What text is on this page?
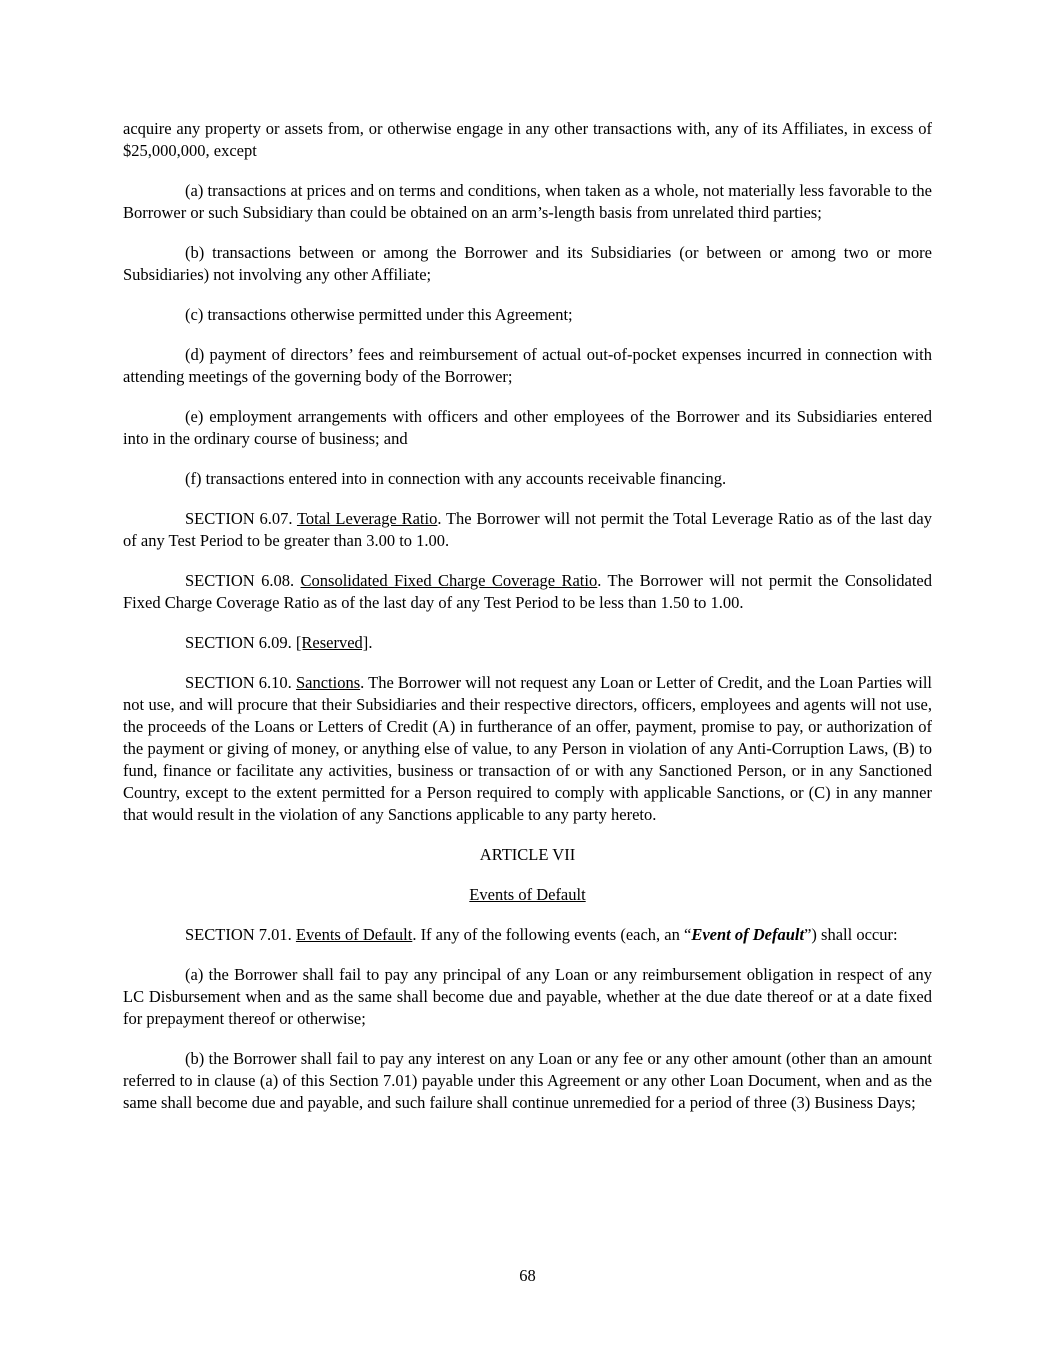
acquire any property or assets from, or otherwise engage in any other transactions with, any of its Affiliates, in excess of $25,000,000, except

(a) transactions at prices and on terms and conditions, when taken as a whole, not materially less favorable to the Borrower or such Subsidiary than could be obtained on an arm’s-length basis from unrelated third parties;

(b) transactions between or among the Borrower and its Subsidiaries (or between or among two or more Subsidiaries) not involving any other Affiliate;

(c) transactions otherwise permitted under this Agreement;

(d) payment of directors’ fees and reimbursement of actual out-of-pocket expenses incurred in connection with attending meetings of the governing body of the Borrower;

(e) employment arrangements with officers and other employees of the Borrower and its Subsidiaries entered into in the ordinary course of business; and

(f) transactions entered into in connection with any accounts receivable financing.

SECTION 6.07. Total Leverage Ratio. The Borrower will not permit the Total Leverage Ratio as of the last day of any Test Period to be greater than 3.00 to 1.00.

SECTION 6.08. Consolidated Fixed Charge Coverage Ratio. The Borrower will not permit the Consolidated Fixed Charge Coverage Ratio as of the last day of any Test Period to be less than 1.50 to 1.00.

SECTION 6.09. [Reserved].

SECTION 6.10. Sanctions. The Borrower will not request any Loan or Letter of Credit, and the Loan Parties will not use, and will procure that their Subsidiaries and their respective directors, officers, employees and agents will not use, the proceeds of the Loans or Letters of Credit (A) in furtherance of an offer, payment, promise to pay, or authorization of the payment or giving of money, or anything else of value, to any Person in violation of any Anti-Corruption Laws, (B) to fund, finance or facilitate any activities, business or transaction of or with any Sanctioned Person, or in any Sanctioned Country, except to the extent permitted for a Person required to comply with applicable Sanctions, or (C) in any manner that would result in the violation of any Sanctions applicable to any party hereto.

ARTICLE VII

Events of Default

SECTION 7.01. Events of Default. If any of the following events (each, an “Event of Default”) shall occur:

(a) the Borrower shall fail to pay any principal of any Loan or any reimbursement obligation in respect of any LC Disbursement when and as the same shall become due and payable, whether at the due date thereof or at a date fixed for prepayment thereof or otherwise;

(b) the Borrower shall fail to pay any interest on any Loan or any fee or any other amount (other than an amount referred to in clause (a) of this Section 7.01) payable under this Agreement or any other Loan Document, when and as the same shall become due and payable, and such failure shall continue unremedied for a period of three (3) Business Days;

68
